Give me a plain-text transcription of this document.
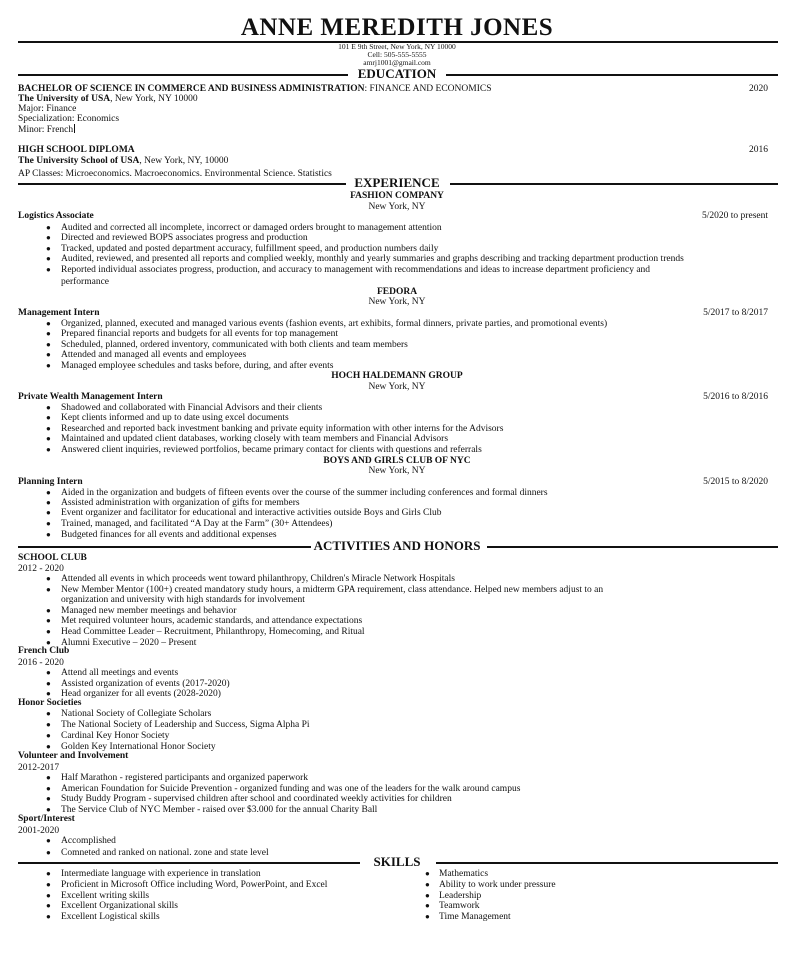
ANNE MEREDITH JONES
101 E 9th Street, New York, NY 10000
Cell: 505-555-5555
amrj1001@gmail.com
EDUCATION
BACHELOR OF SCIENCE IN COMMERCE AND BUSINESS ADMINISTRATION: FINANCE AND ECONOMICS	2020
The University of USA, New York, NY 10000
Major: Finance
Specialization: Economics
Minor: French
HIGH SCHOOL DIPLOMA	2016
The University School of USA, New York, NY, 10000
AP Classes: Microeconomics. Macroeconomics. Environmental Science. Statistics
EXPERIENCE
FASHION COMPANY
New York, NY
Logistics Associate	5/2020 to present
● Audited and corrected all incomplete, incorrect or damaged orders brought to management attention
● Directed and reviewed BOPS associates progress and production
● Tracked, updated and posted department accuracy, fulfillment speed, and production numbers daily
● Audited, reviewed, and presented all reports and complied weekly, monthly and yearly summaries and graphs describing and tracking department production trends
● Reported individual associates progress, production, and accuracy to management with recommendations and ideas to increase department proficiency and
performance
FEDORA
New York, NY
Management Intern	5/2017 to 8/2017
● Organized, planned, executed and managed various events (fashion events, art exhibits, formal dinners, private parties, and promotional events)
● Prepared financial reports and budgets for all events for top management
● Scheduled, planned, ordered inventory, communicated with both clients and team members
● Attended and managed all events and employees
● Managed employee schedules and tasks before, during, and after events
HOCH HALDEMANN GROUP
New York, NY
Private Wealth Management Intern	5/2016 to 8/2016
● Shadowed and collaborated with Financial Advisors and their clients
● Kept clients informed and up to date using excel documents
● Researched and reported back investment banking and private equity information with other interns for the Advisors
● Maintained and updated client databases, working closely with team members and Financial Advisors
● Answered client inquiries, reviewed portfolios, became primary contact for clients with questions and referrals
BOYS AND GIRLS CLUB OF NYC
New York, NY
Planning Intern	5/2015 to 8/2020
● Aided in the organization and budgets of fifteen events over the course of the summer including conferences and formal dinners
● Assisted administration with organization of gifts for members
● Event organizer and facilitator for educational and interactive activities outside Boys and Girls Club
● Trained, managed, and facilitated “A Day at the Farm” (30+ Attendees)
● Budgeted finances for all events and additional expenses
ACTIVITIES AND HONORS
SCHOOL CLUB
2012 - 2020
● Attended all events in which proceeds went toward philanthropy, Children's Miracle Network Hospitals
● New Member Mentor (100+) created mandatory study hours, a midterm GPA requirement, class attendance. Helped new members adjust to an
organization and university with high standards for involvement
● Managed new member meetings and behavior
● Met required volunteer hours, academic standards, and attendance expectations
● Head Committee Leader – Recruitment, Philanthropy, Homecoming, and Ritual
● Alumni Executive – 2020 – Present
French Club
2016 - 2020
● Attend all meetings and events
● Assisted organization of events (2017-2020)
● Head organizer for all events (2028-2020)
Honor Societies
● National Society of Collegiate Scholars
● The National Society of Leadership and Success, Sigma Alpha Pi
● Cardinal Key Honor Society
● Golden Key International Honor Society
Volunteer and Involvement
2012-2017
● Half Marathon - registered participants and organized paperwork
● American Foundation for Suicide Prevention - organized funding and was one of the leaders for the walk around campus
● Study Buddy Program - supervised children after school and coordinated weekly activities for children
● The Service Club of NYC Member - raised over $3.000 for the annual Charity Ball
Sport/Interest
2001-2020
● Accomplished
● Comneted and ranked on national. zone and state level
SKILLS
● Intermediate language with experience in translation
● Proficient in Microsoft Office including Word, PowerPoint, and Excel
● Excellent writing skills
● Excellent Organizational skills
● Excellent Logistical skills
● Mathematics
● Ability to work under pressure
● Leadership
● Teamwork
● Time Management
